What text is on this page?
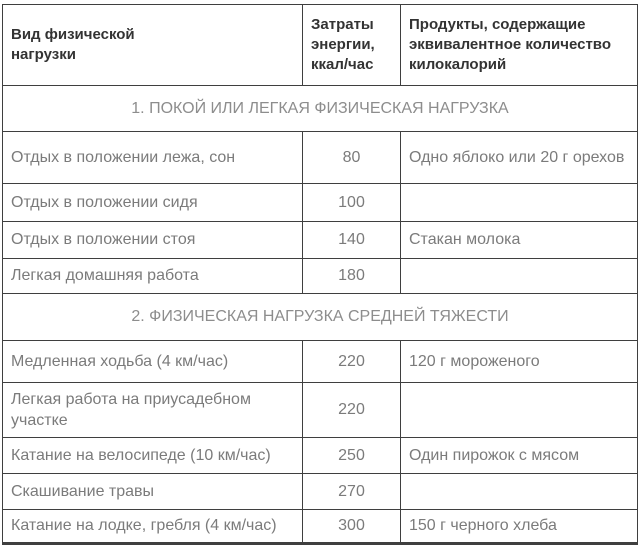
Вид физической нагрузки	Затраты энергии, ккал/час	Продукты, содержащие эквивалентное количество килокалорий
1. ПОКОЙ ИЛИ ЛЕГКАЯ ФИЗИЧЕСКАЯ НАГРУЗКА		
Отдых в положении лежа, сон	80	Одно яблоко или 20 г орехов
Отдых в положении сидя	100	
Отдых в положении стоя	140	Стакан молока
Легкая домашняя работа	180	
2. ФИЗИЧЕСКАЯ НАГРУЗКА СРЕДНЕЙ ТЯЖЕСТИ		
Медленная ходьба (4 км/час)	220	120 г мороженого
Легкая работа на приусадебном участке	220	
Катание на велосипеде (10 км/час)	250	Один пирожок с мясом
Скашивание травы	270	
Катание на лодке, гребля (4 км/час)	300	150 г черного хлеба
